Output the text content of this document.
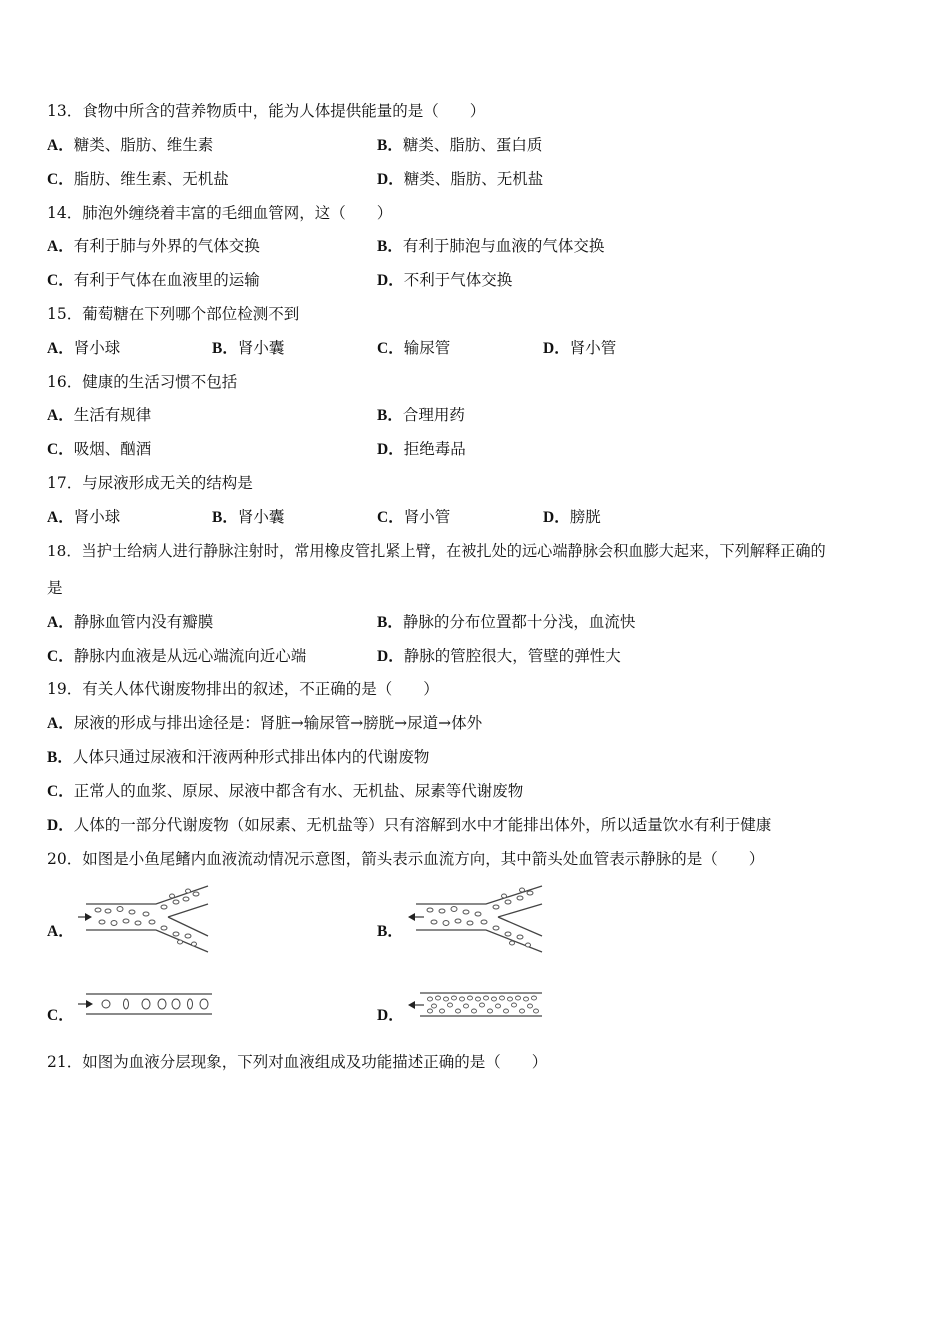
13．食物中所含的营养物质中，能为人体提供能量的是（　　）
A．糖类、脂肪、维生素	B．糖类、脂肪、蛋白质
C．脂肪、维生素、无机盐	D．糖类、脂肪、无机盐
14．肺泡外缠绕着丰富的毛细血管网，这（　　）
A．有利于肺与外界的气体交换	B．有利于肺泡与血液的气体交换
C．有利于气体在血液里的运输	D．不利于气体交换
15．葡萄糖在下列哪个部位检测不到
A．肾小球	B．肾小囊	C．输尿管	D．肾小管
16．健康的生活习惯不包括
A．生活有规律	B．合理用药
C．吸烟、酗酒	D．拒绝毒品
17．与尿液形成无关的结构是
A．肾小球	B．肾小囊	C．肾小管	D．膀胱
18．当护士给病人进行静脉注射时，常用橡皮管扎紧上臂，在被扎处的远心端静脉会积血膨大起来，下列解释正确的
是
A．静脉血管内没有瓣膜	B．静脉的分布位置都十分浅，血流快
C．静脉内血液是从远心端流向近心端	D．静脉的管腔很大，管壁的弹性大
19．有关人体代谢废物排出的叙述，不正确的是（　　）
A．尿液的形成与排出途径是：肾脏→输尿管→膀胱→尿道→体外
B．人体只通过尿液和汗液两种形式排出体内的代谢废物
C．正常人的血浆、原尿、尿液中都含有水、无机盐、尿素等代谢废物
D．人体的一部分代谢废物（如尿素、无机盐等）只有溶解到水中才能排出体外，所以适量饮水有利于健康
20．如图是小鱼尾鳍内血液流动情况示意图，箭头表示血流方向，其中箭头处血管表示静脉的是（　　）
A．	B．
C．	D．
21．如图为血液分层现象，下列对血液组成及功能描述正确的是（　　）
